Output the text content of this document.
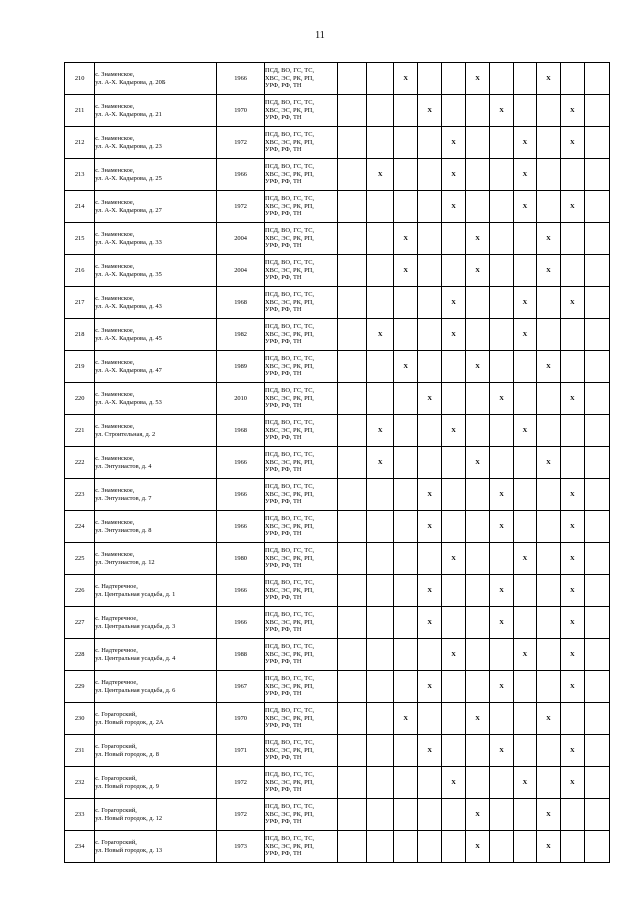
11
210	с. Знаменское,
ул. А-Х. Кадырова, д. 20Б	1966	ПСД, ВО, ГС, ТС,
ХВС, ЭС, РК, РП,
УРФ, РФ, ТН			X			X			X		
211	с. Знаменское,
ул. А-Х. Кадырова, д. 21	1970	ПСД, ВО, ГС, ТС,
ХВС, ЭС, РК, РП,
УРФ, РФ, ТН				X			X			X	
212	с. Знаменское,
ул. А-Х. Кадырова, д. 23	1972	ПСД, ВО, ГС, ТС,
ХВС, ЭС, РК, РП,
УРФ, РФ, ТН					X			X		X	
213	с. Знаменское,
ул. А-Х. Кадырова, д. 25	1966	ПСД, ВО, ГС, ТС,
ХВС, ЭС, РК, РП,
УРФ, РФ, ТН		X			X			X			
214	с. Знаменское,
ул. А-Х. Кадырова, д. 27	1972	ПСД, ВО, ГС, ТС,
ХВС, ЭС, РК, РП,
УРФ, РФ, ТН					X			X		X	
215	с. Знаменское,
ул. А-Х. Кадырова, д. 33	2004	ПСД, ВО, ГС, ТС,
ХВС, ЭС, РК, РП,
УРФ, РФ, ТН			X			X			X		
216	с. Знаменское,
ул. А-Х. Кадырова, д. 35	2004	ПСД, ВО, ГС, ТС,
ХВС, ЭС, РК, РП,
УРФ, РФ, ТН			X			X			X		
217	с. Знаменское,
ул. А-Х. Кадырова, д. 43	1968	ПСД, ВО, ГС, ТС,
ХВС, ЭС, РК, РП,
УРФ, РФ, ТН					X			X		X	
218	с. Знаменское,
ул. А-Х. Кадырова, д. 45	1982	ПСД, ВО, ГС, ТС,
ХВС, ЭС, РК, РП,
УРФ, РФ, ТН		X			X			X			
219	с. Знаменское,
ул. А-Х. Кадырова, д. 47	1989	ПСД, ВО, ГС, ТС,
ХВС, ЭС, РК, РП,
УРФ, РФ, ТН			X			X			X		
220	с. Знаменское,
ул. А-Х. Кадырова, д. 53	2010	ПСД, ВО, ГС, ТС,
ХВС, ЭС, РК, РП,
УРФ, РФ, ТН				X			X			X	
221	с. Знаменское,
ул. Строительная, д. 2	1968	ПСД, ВО, ГС, ТС,
ХВС, ЭС, РК, РП,
УРФ, РФ, ТН		X			X			X			
222	с. Знаменское,
ул. Энтузиастов, д. 4	1966	ПСД, ВО, ГС, ТС,
ХВС, ЭС, РК, РП,
УРФ, РФ, ТН		X				X			X		
223	с. Знаменское,
ул. Энтузиастов, д. 7	1966	ПСД, ВО, ГС, ТС,
ХВС, ЭС, РК, РП,
УРФ, РФ, ТН				X			X			X	
224	с. Знаменское,
ул. Энтузиастов, д. 8	1966	ПСД, ВО, ГС, ТС,
ХВС, ЭС, РК, РП,
УРФ, РФ, ТН				X			X			X	
225	с. Знаменское,
ул. Энтузиастов, д. 12	1980	ПСД, ВО, ГС, ТС,
ХВС, ЭС, РК, РП,
УРФ, РФ, ТН					X			X		X	
226	с. Надтеречное,
ул. Центральная усадьба, д. 1	1966	ПСД, ВО, ГС, ТС,
ХВС, ЭС, РК, РП,
УРФ, РФ, ТН				X			X			X	
227	с. Надтеречное,
ул. Центральная усадьба, д. 3	1966	ПСД, ВО, ГС, ТС,
ХВС, ЭС, РК, РП,
УРФ, РФ, ТН				X			X			X	
228	с. Надтеречное,
ул. Центральная усадьба, д. 4	1988	ПСД, ВО, ГС, ТС,
ХВС, ЭС, РК, РП,
УРФ, РФ, ТН					X			X		X	
229	с. Надтеречное,
ул. Центральная усадьба, д. 6	1967	ПСД, ВО, ГС, ТС,
ХВС, ЭС, РК, РП,
УРФ, РФ, ТН				X			X			X	
230	с. Горагорский,
ул. Новый городок, д. 2А	1970	ПСД, ВО, ГС, ТС,
ХВС, ЭС, РК, РП,
УРФ, РФ, ТН			X			X			X		
231	с. Горагорский,
ул. Новый городок, д. 8	1971	ПСД, ВО, ГС, ТС,
ХВС, ЭС, РК, РП,
УРФ, РФ, ТН				X			X			X	
232	с. Горагорский,
ул. Новый городок, д. 9	1972	ПСД, ВО, ГС, ТС,
ХВС, ЭС, РК, РП,
УРФ, РФ, ТН					X			X		X	
233	с. Горагорский,
ул. Новый городок, д. 12	1972	ПСД, ВО, ГС, ТС,
ХВС, ЭС, РК, РП,
УРФ, РФ, ТН						X			X		
234	с. Горагорский,
ул. Новый городок, д. 13	1973	ПСД, ВО, ГС, ТС,
ХВС, ЭС, РК, РП,
УРФ, РФ, ТН						X			X		
